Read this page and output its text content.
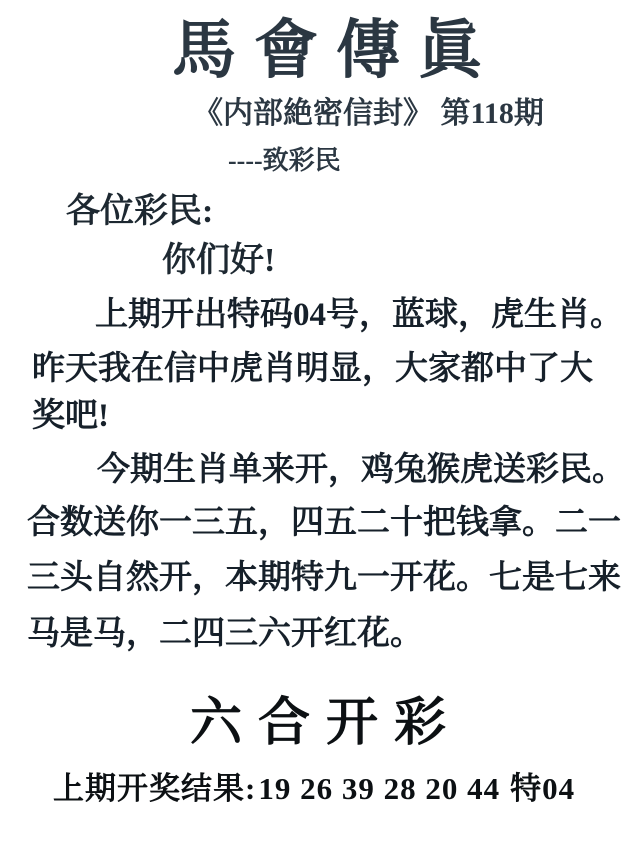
馬會傳眞
《内部絶密信封》 第118期
----致彩民
各位彩民:
你们好!
上期开出特码04号，蓝球，虎生肖。
昨天我在信中虎肖明显，大家都中了大
奖吧!
今期生肖单来开，鸡兔猴虎送彩民。
合数送你一三五，四五二十把钱拿。二一
三头自然开，本期特九一开花。七是七来
马是马，二四三六开红花。
六合开彩
上期开奖结果:19 26 39 28 20 44 特04
